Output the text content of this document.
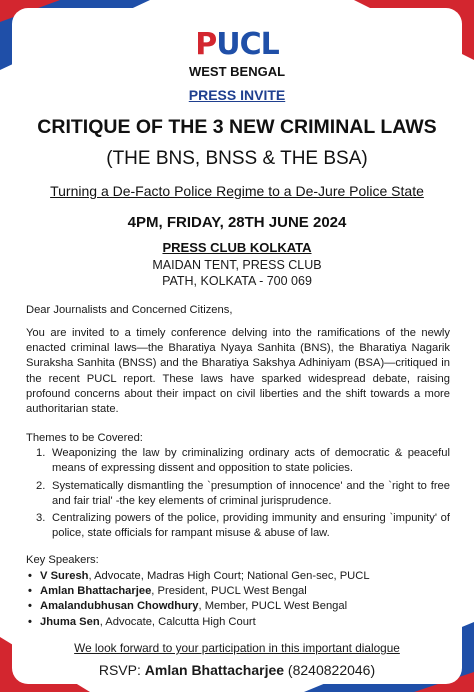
PUCL
WEST BENGAL
PRESS INVITE
CRITIQUE OF THE 3 NEW CRIMINAL LAWS
(THE BNS, BNSS & THE BSA)
Turning a De-Facto Police Regime to a De-Jure Police State
4PM, FRIDAY, 28TH JUNE 2024
PRESS CLUB KOLKATA
MAIDAN TENT, PRESS CLUB
PATH, KOLKATA - 700 069
Dear Journalists and Concerned Citizens,
You are invited to a timely conference delving into the ramifications of the newly enacted criminal laws—the Bharatiya Nyaya Sanhita (BNS), the Bharatiya Nagarik Suraksha Sanhita (BNSS) and the Bharatiya Sakshya Adhiniyam (BSA)—critiqued in the recent PUCL report. These laws have sparked widespread debate, raising profound concerns about their impact on civil liberties and the shift towards a more authoritarian state.
Themes to be Covered:
1. Weaponizing the law by criminalizing ordinary acts of democratic & peaceful means of expressing dissent and opposition to state policies.
2. Systematically dismantling the `presumption of innocence' and the `right to free and fair trial' -the key elements of criminal jurisprudence.
3. Centralizing powers of the police, providing immunity and ensuring `impunity' of police, state officials for rampant misuse & abuse of law.
Key Speakers:
• V Suresh, Advocate, Madras High Court; National Gen-sec, PUCL
• Amlan Bhattacharjee, President, PUCL West Bengal
• Amalandubhusan Chowdhury, Member, PUCL West Bengal
• Jhuma Sen, Advocate, Calcutta High Court
We look forward to your participation in this important dialogue
RSVP: Amlan Bhattacharjee (8240822046)
